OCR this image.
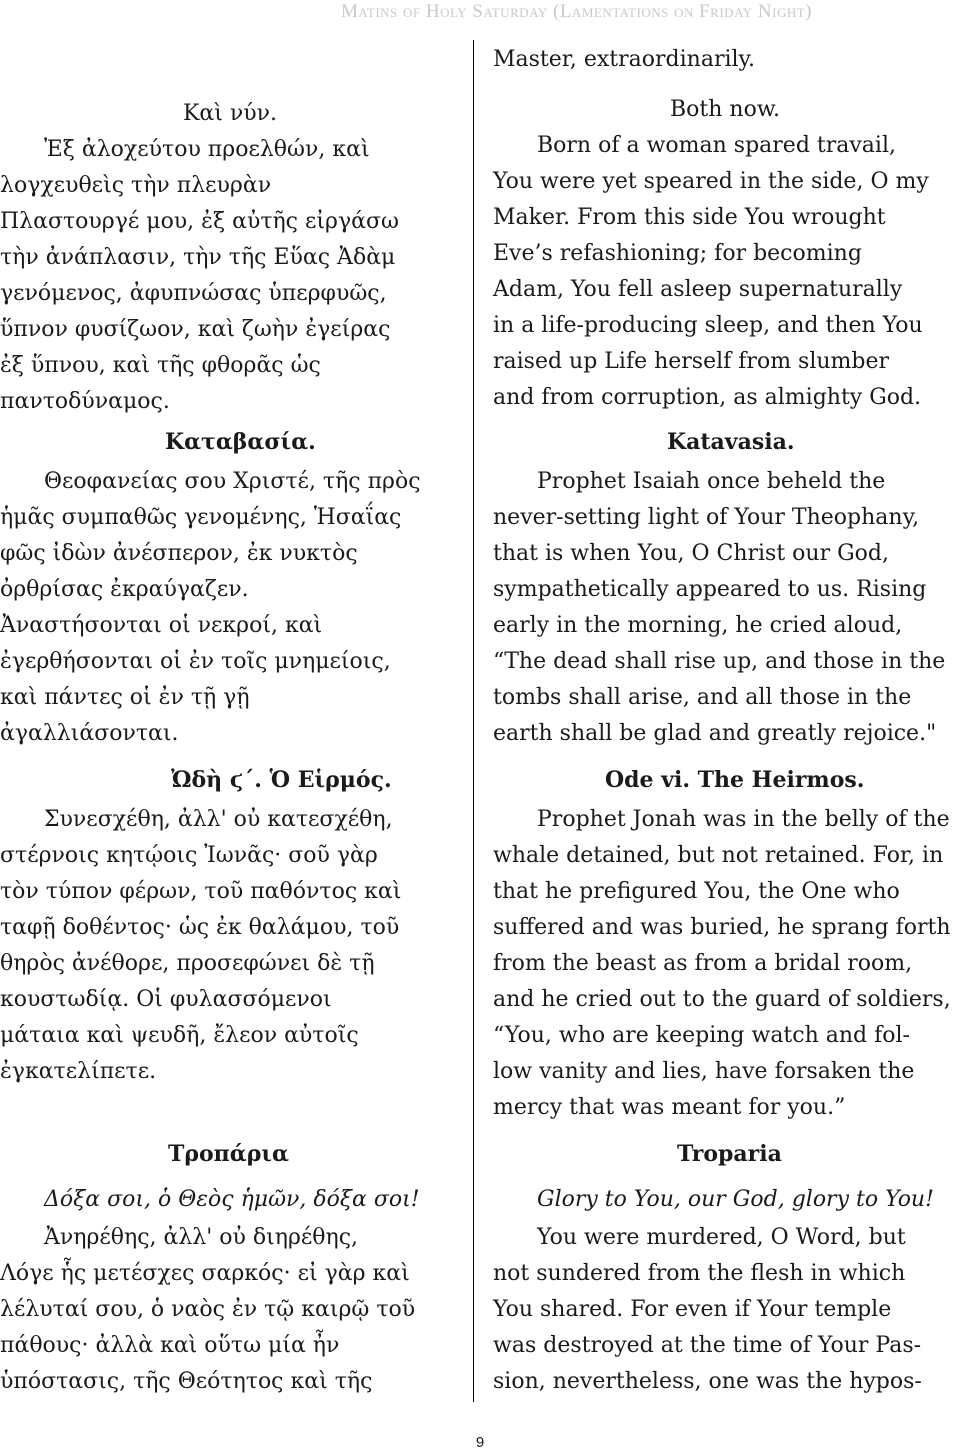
Matins of Holy Saturday (Lamentations on Friday Night)
Καὶ νύν.
Ἐξ ἀλοχεύτου προελθών, καὶ
λογχευθεὶς τὴν πλευρὰν
Πλαστουργέ μου, ἐξ αὐτῆς εἰργάσω
τὴν ἀνάπλασιν, τὴν τῆς Εὕας Ἀδὰμ
γενόμενος, ἀφυπνώσας ὑπερφυῶς,
ὕπνον φυσίζωον, καὶ ζωὴν ἐγείρας
ἐξ ὕπνου, καὶ τῆς φθορᾶς ὡς
παντοδύναμος.
Καταβασία.
Θεοφανείας σου Χριστέ, τῆς πρὸς
ἡμᾶς συμπαθῶς γενομένης, Ἡσαΐας
φῶς ἰδὼν ἀνέσπερον, ἐκ νυκτὸς
ὀρθρίσας ἐκραύγαζεν.
Ἀναστήσονται οἱ νεκροί, καὶ
ἐγερθήσονται οἱ ἐν τοῖς μνημείοις,
καὶ πάντες οἱ ἐν τῇ γῇ
ἀγαλλιάσονται.
Ὠδὴ ϛ΄. Ὁ Εἱρμός.
Συνεσχέθη, ἀλλ' οὐ κατεσχέθη,
στέρνοις κητῴοις Ἰωνᾶς· σοῦ γὰρ
τὸν τύπον φέρων, τοῦ παθόντος καὶ
ταφῇ δοθέντος· ὡς ἐκ θαλάμου, τοῦ
θηρὸς ἀνέθορε, προσεφώνει δὲ τῇ
κουστωδίᾳ. Οἱ φυλασσόμενοι
μάταια καὶ ψευδῆ, ἔλεον αὐτοῖς
ἐγκατελίπετε.
Τροπάρια
Δόξα σοι, ὁ Θεὸς ἡμῶν, δόξα σοι!
Ἀνηρέθης, ἀλλ' οὐ διηρέθης,
Λόγε ἧς μετέσχες σαρκός· εἰ γὰρ καὶ
λέλυταί σου, ὁ ναὸς ἐν τῷ καιρῷ τοῦ
πάθους· ἀλλὰ καὶ οὕτω μία ἦν
ὑπόστασις, τῆς Θεότητος καὶ τῆς
Master, extraordinarily.
Both now.
Born of a woman spared travail,
You were yet speared in the side, O my
Maker. From this side You wrought
Eve’s refashioning; for becoming
Adam, You fell asleep supernaturally
in a life-producing sleep, and then You
raised up Life herself from slumber
and from corruption, as almighty God.
Katavasia.
Prophet Isaiah once beheld the
never-setting light of Your Theophany,
that is when You, O Christ our God,
sympathetically appeared to us. Rising
early in the morning, he cried aloud,
“The dead shall rise up, and those in the
tombs shall arise, and all those in the
earth shall be glad and greatly rejoice."
Ode vi. The Heirmos.
Prophet Jonah was in the belly of the
whale detained, but not retained. For, in
that he prefigured You, the One who
suffered and was buried, he sprang forth
from the beast as from a bridal room,
and he cried out to the guard of soldiers,
“You, who are keeping watch and fol-
low vanity and lies, have forsaken the
mercy that was meant for you.”
Troparia
Glory to You, our God, glory to You!
You were murdered, O Word, but
not sundered from the flesh in which
You shared. For even if Your temple
was destroyed at the time of Your Pas-
sion, nevertheless, one was the hypos-
9
